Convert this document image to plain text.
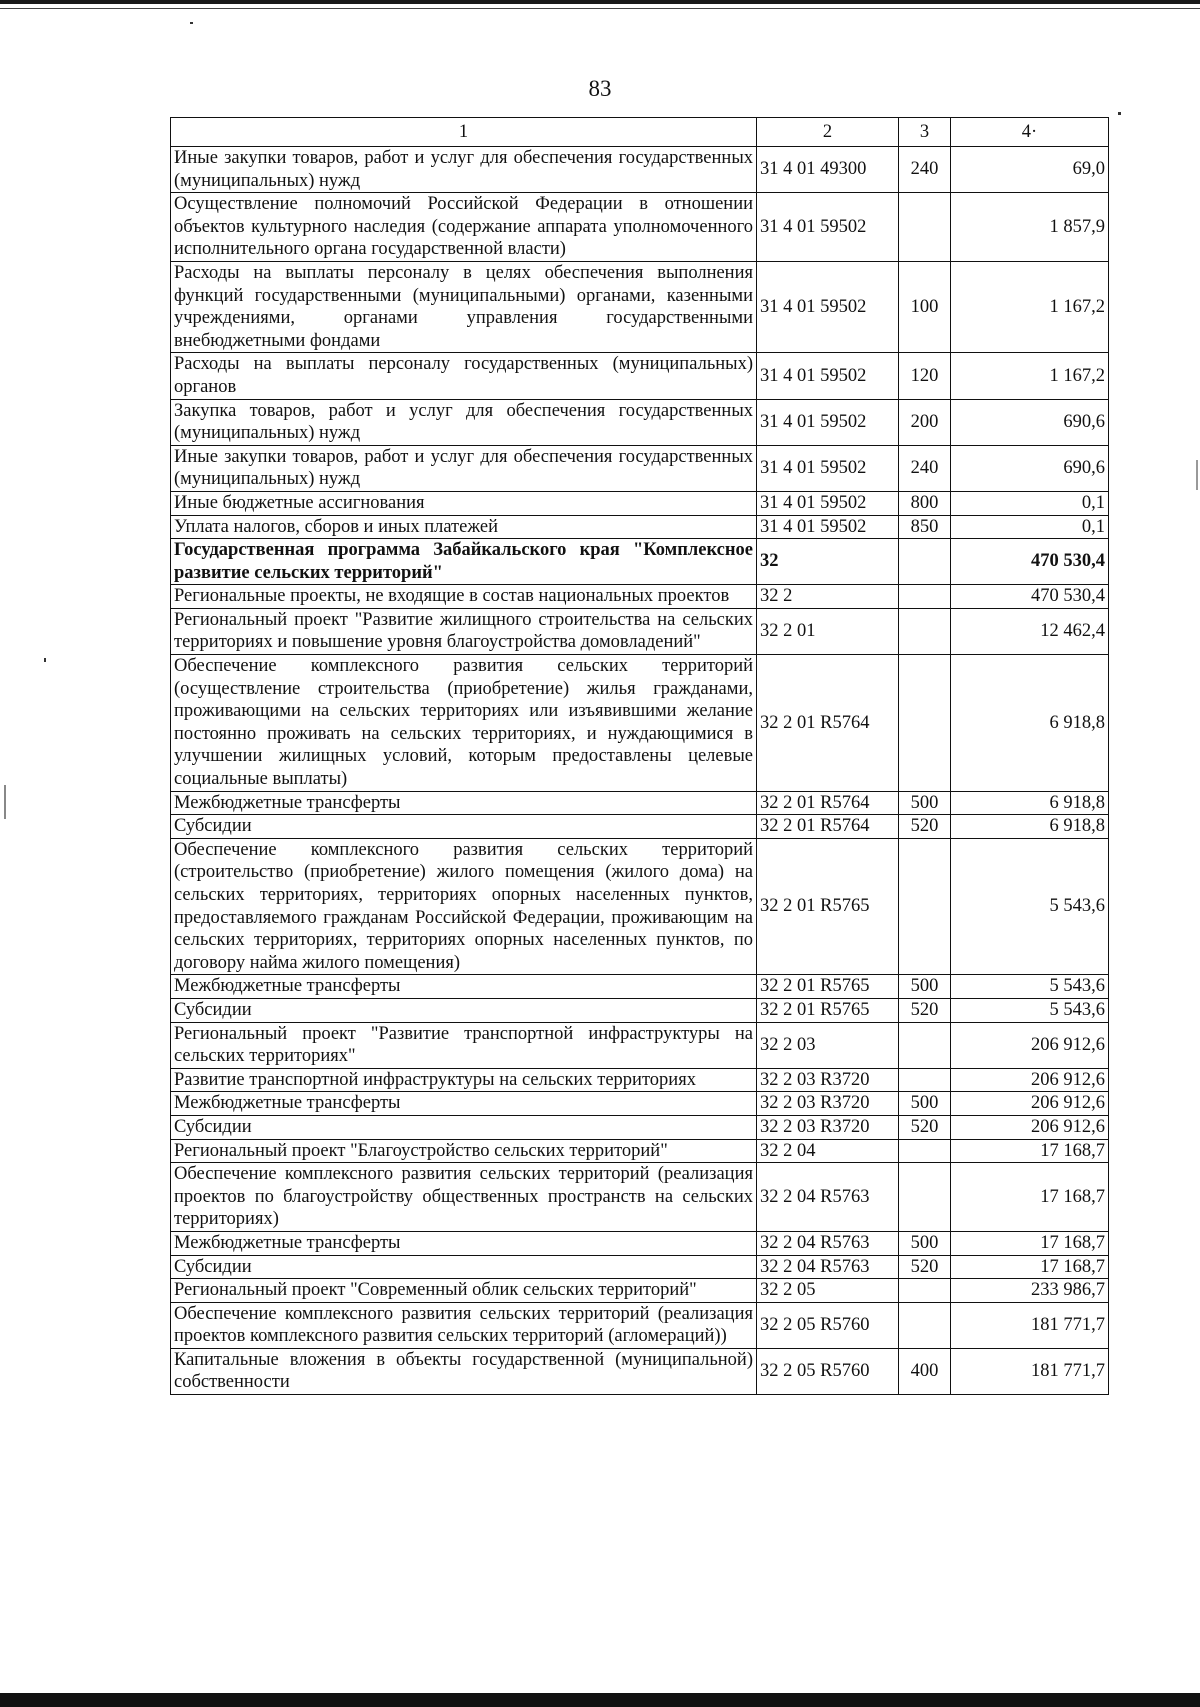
83
1	2	3	4·
Иные закупки товаров, работ и услуг для обеспечения государственных (муниципальных) нужд	31 4 01 49300	240	69,0
Осуществление полномочий Российской Федерации в отношении объектов культурного наследия (содержание аппарата уполномоченного исполнительного органа государственной власти)	31 4 01 59502		1 857,9
Расходы на выплаты персоналу в целях обеспечения выполнения функций государственными (муниципальными) органами, казенными учреждениями, органами управления государственными внебюджетными фондами	31 4 01 59502	100	1 167,2
Расходы на выплаты персоналу государственных (муниципальных) органов	31 4 01 59502	120	1 167,2
Закупка товаров, работ и услуг для обеспечения государственных (муниципальных) нужд	31 4 01 59502	200	690,6
Иные закупки товаров, работ и услуг для обеспечения государственных (муниципальных) нужд	31 4 01 59502	240	690,6
Иные бюджетные ассигнования	31 4 01 59502	800	0,1
Уплата налогов, сборов и иных платежей	31 4 01 59502	850	0,1
Государственная программа Забайкальского края "Комплексное развитие сельских территорий"	32		470 530,4
Региональные проекты, не входящие в состав национальных проектов	32 2		470 530,4
Региональный проект "Развитие жилищного строительства на сельских территориях и повышение уровня благоустройства домовладений"	32 2 01		12 462,4
Обеспечение комплексного развития сельских территорий (осуществление строительства (приобретение) жилья гражданами, проживающими на сельских территориях или изъявившими желание постоянно проживать на сельских территориях, и нуждающимися в улучшении жилищных условий, которым предоставлены целевые социальные выплаты)	32 2 01 R5764		6 918,8
Межбюджетные трансферты	32 2 01 R5764	500	6 918,8
Субсидии	32 2 01 R5764	520	6 918,8
Обеспечение комплексного развития сельских территорий (строительство (приобретение) жилого помещения (жилого дома) на сельских территориях, территориях опорных населенных пунктов, предоставляемого гражданам Российской Федерации, проживающим на сельских территориях, территориях опорных населенных пунктов, по договору найма жилого помещения)	32 2 01 R5765		5 543,6
Межбюджетные трансферты	32 2 01 R5765	500	5 543,6
Субсидии	32 2 01 R5765	520	5 543,6
Региональный проект "Развитие транспортной инфраструктуры на сельских территориях"	32 2 03		206 912,6
Развитие транспортной инфраструктуры на сельских территориях	32 2 03 R3720		206 912,6
Межбюджетные трансферты	32 2 03 R3720	500	206 912,6
Субсидии	32 2 03 R3720	520	206 912,6
Региональный проект "Благоустройство сельских территорий"	32 2 04		17 168,7
Обеспечение комплексного развития сельских территорий (реализация проектов по благоустройству общественных пространств на сельских территориях)	32 2 04 R5763		17 168,7
Межбюджетные трансферты	32 2 04 R5763	500	17 168,7
Субсидии	32 2 04 R5763	520	17 168,7
Региональный проект "Современный облик сельских территорий"	32 2 05		233 986,7
Обеспечение комплексного развития сельских территорий (реализация проектов комплексного развития сельских территорий (агломераций))	32 2 05 R5760		181 771,7
Капитальные вложения в объекты государственной (муниципальной) собственности	32 2 05 R5760	400	181 771,7
